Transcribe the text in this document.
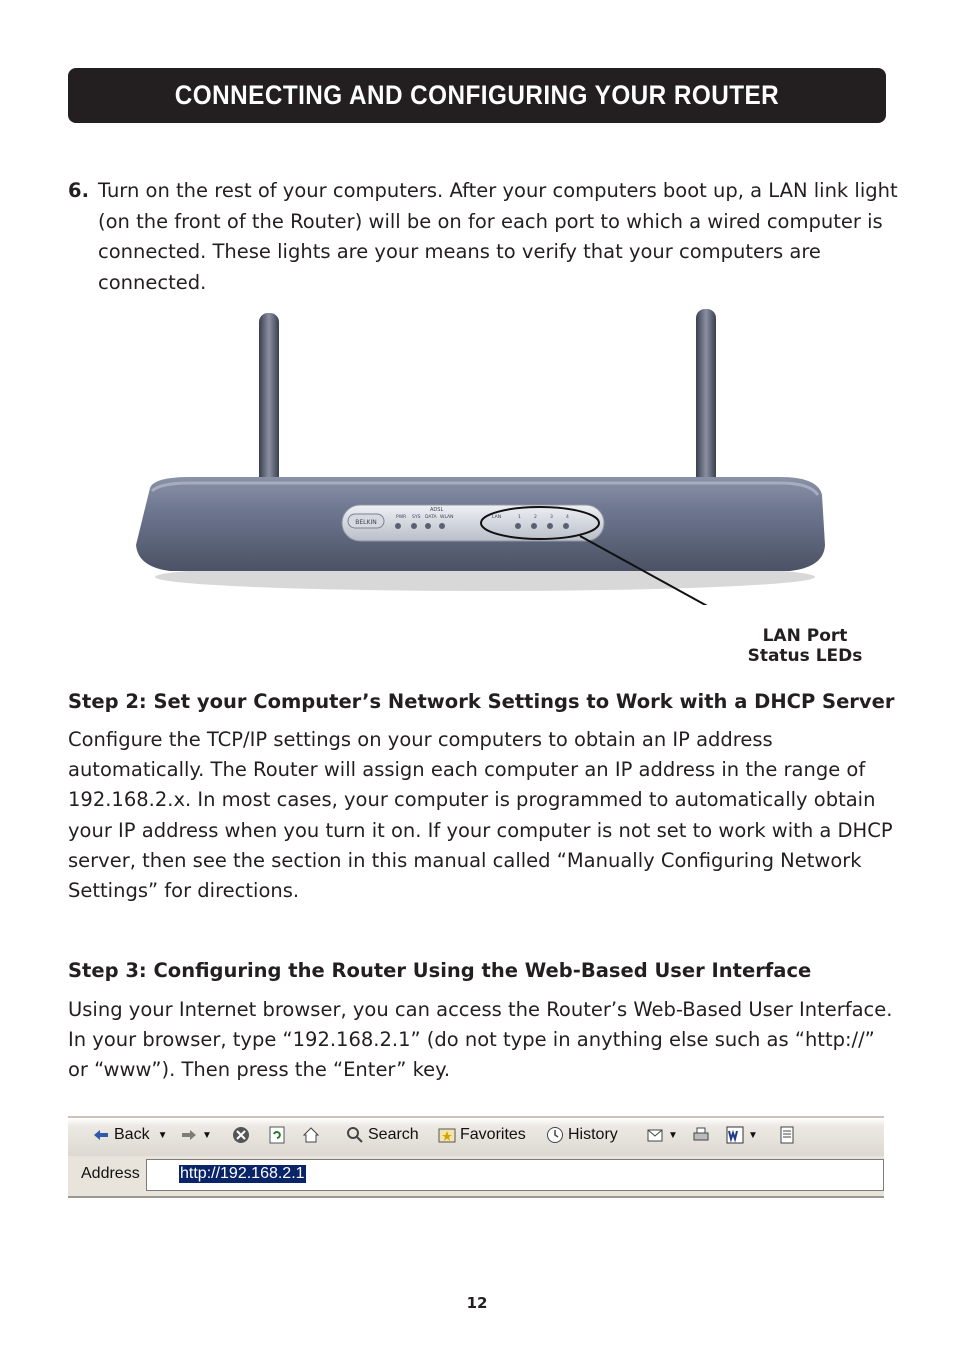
CONNECTING AND CONFIGURING YOUR ROUTER
6. Turn on the rest of your computers. After your computers boot up, a LAN link light (on the front of the Router) will be on for each port to which a wired computer is connected. These lights are your means to verify that your computers are connected.
BELKIN
ADSL
PWR SYS DATA WLAN	LAN	1	2	3	4
LAN Port
Status LEDs
Step 2: Set your Computer’s Network Settings to Work with a DHCP Server
Configure the TCP/IP settings on your computers to obtain an IP address automatically. The Router will assign each computer an IP address in the range of 192.168.2.x. In most cases, your computer is programmed to automatically obtain your IP address when you turn it on. If your computer is not set to work with a DHCP server, then see the section in this manual called “Manually Configuring Network Settings” for directions.
Step 3: Configuring the Router Using the Web-Based User Interface
Using your Internet browser, you can access the Router’s Web-Based User Interface. In your browser, type “192.168.2.1” (do not type in anything else such as “http://” or “www”). Then press the “Enter” key.
Back ▼	▼	Search	Favorites	History	▼	▼
Address	http://192.168.2.1
12
